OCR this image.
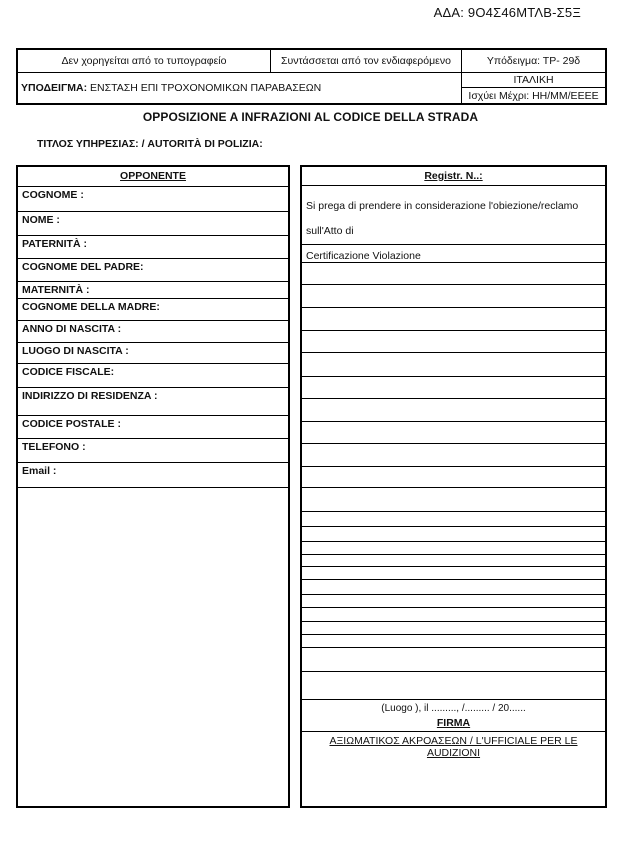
ΑΔΑ: 9Ο4Σ46ΜΤΛΒ-Σ5Ξ
Δεν χορηγείται από το τυπογραφείο	Συντάσσεται από τον ενδιαφερόμενο	Υπόδειγμα: ΤΡ- 29δ
ΥΠΟΔΕΙΓΜΑ: ΕΝΣΤΑΣΗ ΕΠΙ ΤΡΟΧΟΝΟΜΙΚΩΝ ΠΑΡΑΒΑΣΕΩΝ
ΙΤΑΛΙΚΗ
Ισχύει Μέχρι: ΗΗ/ΜΜ/ΕΕΕΕ
OPPOSIZIONE A INFRAZIONI AL CODICE DELLA STRADA
ΤΙΤΛΟΣ ΥΠΗΡΕΣΙΑΣ: / AUTORITÀ DI POLIZIA:
OPPONENTE
COGNOME :
NOME :
PATERNITÀ :
COGNOME DEL PADRE:
MATERNITÀ :
COGNOME DELLA MADRE:
ANNO DI NASCITA :
LUOGO DI NASCITA :
CODICE FISCALE:
INDIRIZZO DI RESIDENZA :
CODICE POSTALE :
TELEFONO :
Email :
Registr. N..:
Si prega di prendere in considerazione l'obiezione/reclamo sull'Atto di
Certificazione Violazione
(Luogo ), il ........., /......... / 20......
FIRMA
ΑΞΙΩΜΑΤΙΚΟΣ ΑΚΡΟΑΣΕΩΝ / L'UFFICIALE PER LE AUDIZIONI
